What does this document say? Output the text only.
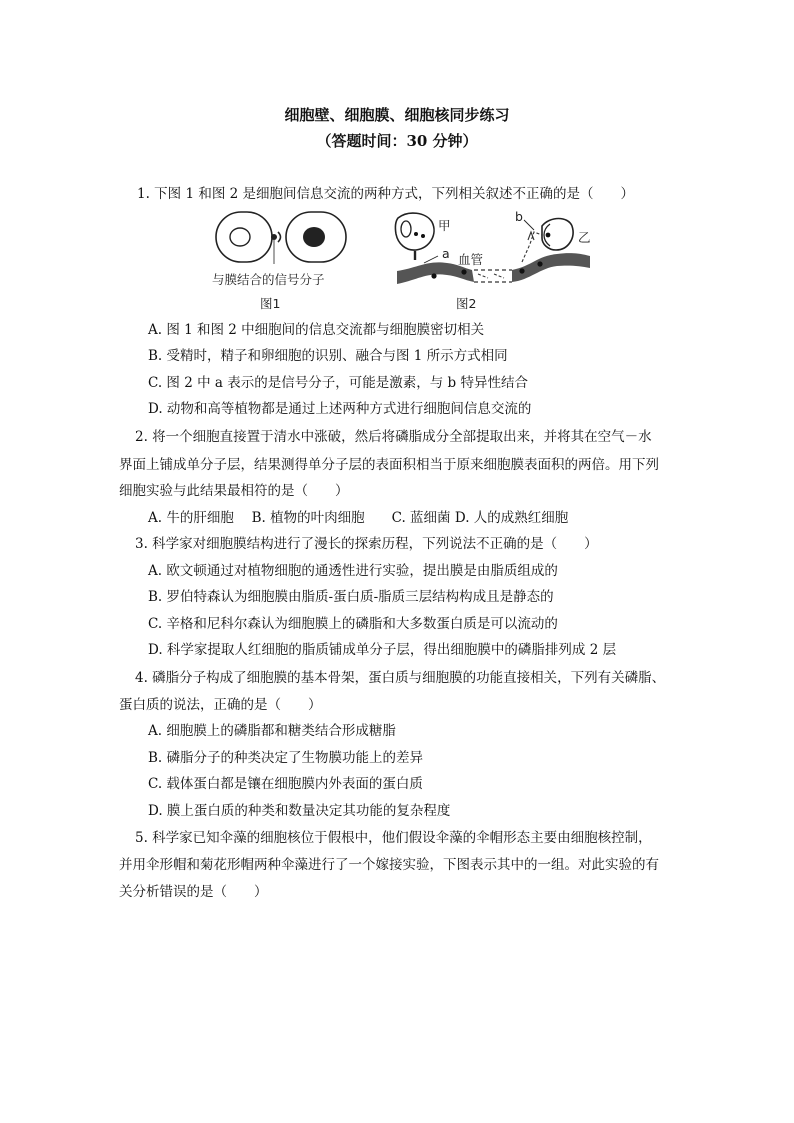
细胞壁、细胞膜、细胞核同步练习
（答题时间：30 分钟）
1. 下图 1 和图 2 是细胞间信息交流的两种方式，下列相关叙述不正确的是（　　）
与膜结合的信号分子
图1
甲
a 血管
b
乙
图2
A. 图 1 和图 2 中细胞间的信息交流都与细胞膜密切相关
B. 受精时，精子和卵细胞的识别、融合与图 1 所示方式相同
C. 图 2 中 a 表示的是信号分子，可能是激素，与 b 特异性结合
D. 动物和高等植物都是通过上述两种方式进行细胞间信息交流的
2. 将一个细胞直接置于清水中涨破，然后将磷脂成分全部提取出来，并将其在空气－水
界面上铺成单分子层，结果测得单分子层的表面积相当于原来细胞膜表面积的两倍。用下列
细胞实验与此结果最相符的是（　　）
A. 牛的肝细胞　 B. 植物的叶肉细胞　　C. 蓝细菌 D. 人的成熟红细胞
3. 科学家对细胞膜结构进行了漫长的探索历程，下列说法不正确的是（　　）
A. 欧文顿通过对植物细胞的通透性进行实验，提出膜是由脂质组成的
B. 罗伯特森认为细胞膜由脂质-蛋白质-脂质三层结构构成且是静态的
C. 辛格和尼科尔森认为细胞膜上的磷脂和大多数蛋白质是可以流动的
D. 科学家提取人红细胞的脂质铺成单分子层，得出细胞膜中的磷脂排列成 2 层
4. 磷脂分子构成了细胞膜的基本骨架，蛋白质与细胞膜的功能直接相关，下列有关磷脂、
蛋白质的说法，正确的是（　　）
A. 细胞膜上的磷脂都和糖类结合形成糖脂
B. 磷脂分子的种类决定了生物膜功能上的差异
C. 载体蛋白都是镶在细胞膜内外表面的蛋白质
D. 膜上蛋白质的种类和数量决定其功能的复杂程度
5. 科学家已知伞藻的细胞核位于假根中，他们假设伞藻的伞帽形态主要由细胞核控制，
并用伞形帽和菊花形帽两种伞藻进行了一个嫁接实验，下图表示其中的一组。对此实验的有
关分析错误的是（　　）
